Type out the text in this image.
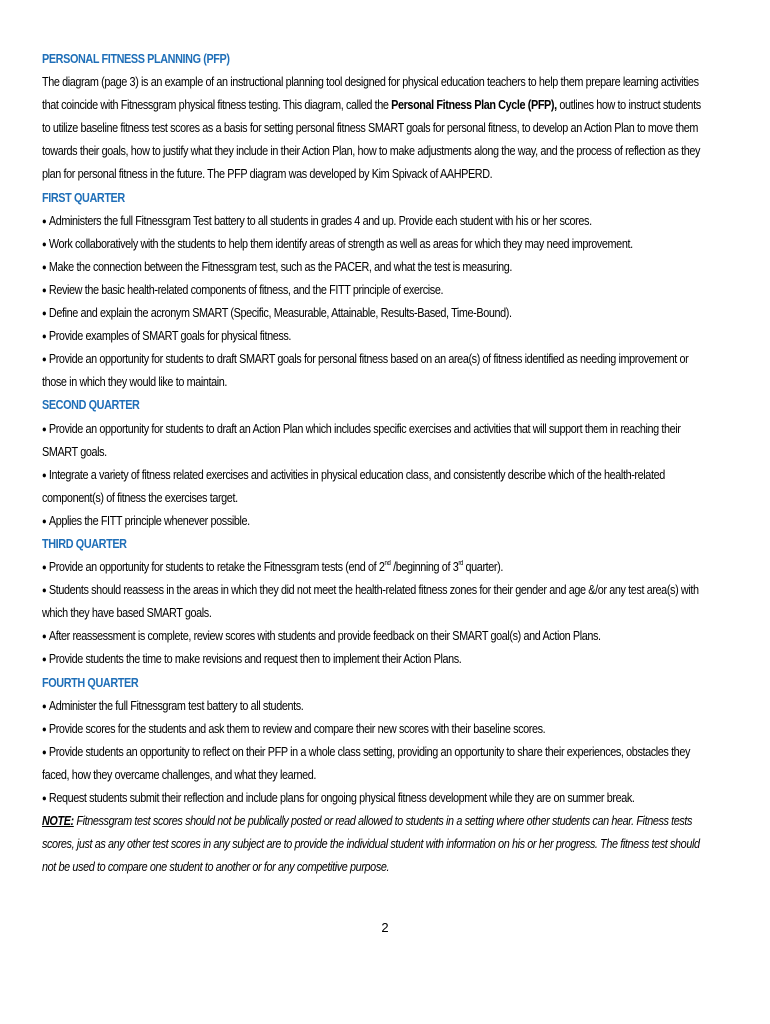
PERSONAL FITNESS PLANNING (PFP)
The diagram (page 3) is an example of an instructional planning tool designed for physical education teachers to help them prepare learning activities that coincide with Fitnessgram physical fitness testing. This diagram, called the Personal Fitness Plan Cycle (PFP), outlines how to instruct students to utilize baseline fitness test scores as a basis for setting personal fitness SMART goals for personal fitness, to develop an Action Plan to move them towards their goals, how to justify what they include in their Action Plan, how to make adjustments along the way, and the process of reflection as they plan for personal fitness in the future. The PFP diagram was developed by Kim Spivack of AAHPERD.
FIRST QUARTER
● Administers the full Fitnessgram Test battery to all students in grades 4 and up. Provide each student with his or her scores.
● Work collaboratively with the students to help them identify areas of strength as well as areas for which they may need improvement.
● Make the connection between the Fitnessgram test, such as the PACER, and what the test is measuring.
● Review the basic health-related components of fitness, and the FITT principle of exercise.
● Define and explain the acronym SMART (Specific, Measurable, Attainable, Results-Based, Time-Bound).
● Provide examples of SMART goals for physical fitness.
● Provide an opportunity for students to draft SMART goals for personal fitness based on an area(s) of fitness identified as needing improvement or those in which they would like to maintain.
SECOND QUARTER
● Provide an opportunity for students to draft an Action Plan which includes specific exercises and activities that will support them in reaching their SMART goals.
● Integrate a variety of fitness related exercises and activities in physical education class, and consistently describe which of the health-related component(s) of fitness the exercises target.
● Applies the FITT principle whenever possible.
THIRD QUARTER
● Provide an opportunity for students to retake the Fitnessgram tests (end of 2nd /beginning of 3rd quarter).
● Students should reassess in the areas in which they did not meet the health-related fitness zones for their gender and age &/or any test area(s) with which they have based SMART goals.
● After reassessment is complete, review scores with students and provide feedback on their SMART goal(s) and Action Plans.
● Provide students the time to make revisions and request then to implement their Action Plans.
FOURTH QUARTER
● Administer the full Fitnessgram test battery to all students.
● Provide scores for the students and ask them to review and compare their new scores with their baseline scores.
● Provide students an opportunity to reflect on their PFP in a whole class setting, providing an opportunity to share their experiences, obstacles they faced, how they overcame challenges, and what they learned.
● Request students submit their reflection and include plans for ongoing physical fitness development while they are on summer break.
NOTE: Fitnessgram test scores should not be publically posted or read allowed to students in a setting where other students can hear. Fitness tests scores, just as any other test scores in any subject are to provide the individual student with information on his or her progress. The fitness test should not be used to compare one student to another or for any competitive purpose.
2
